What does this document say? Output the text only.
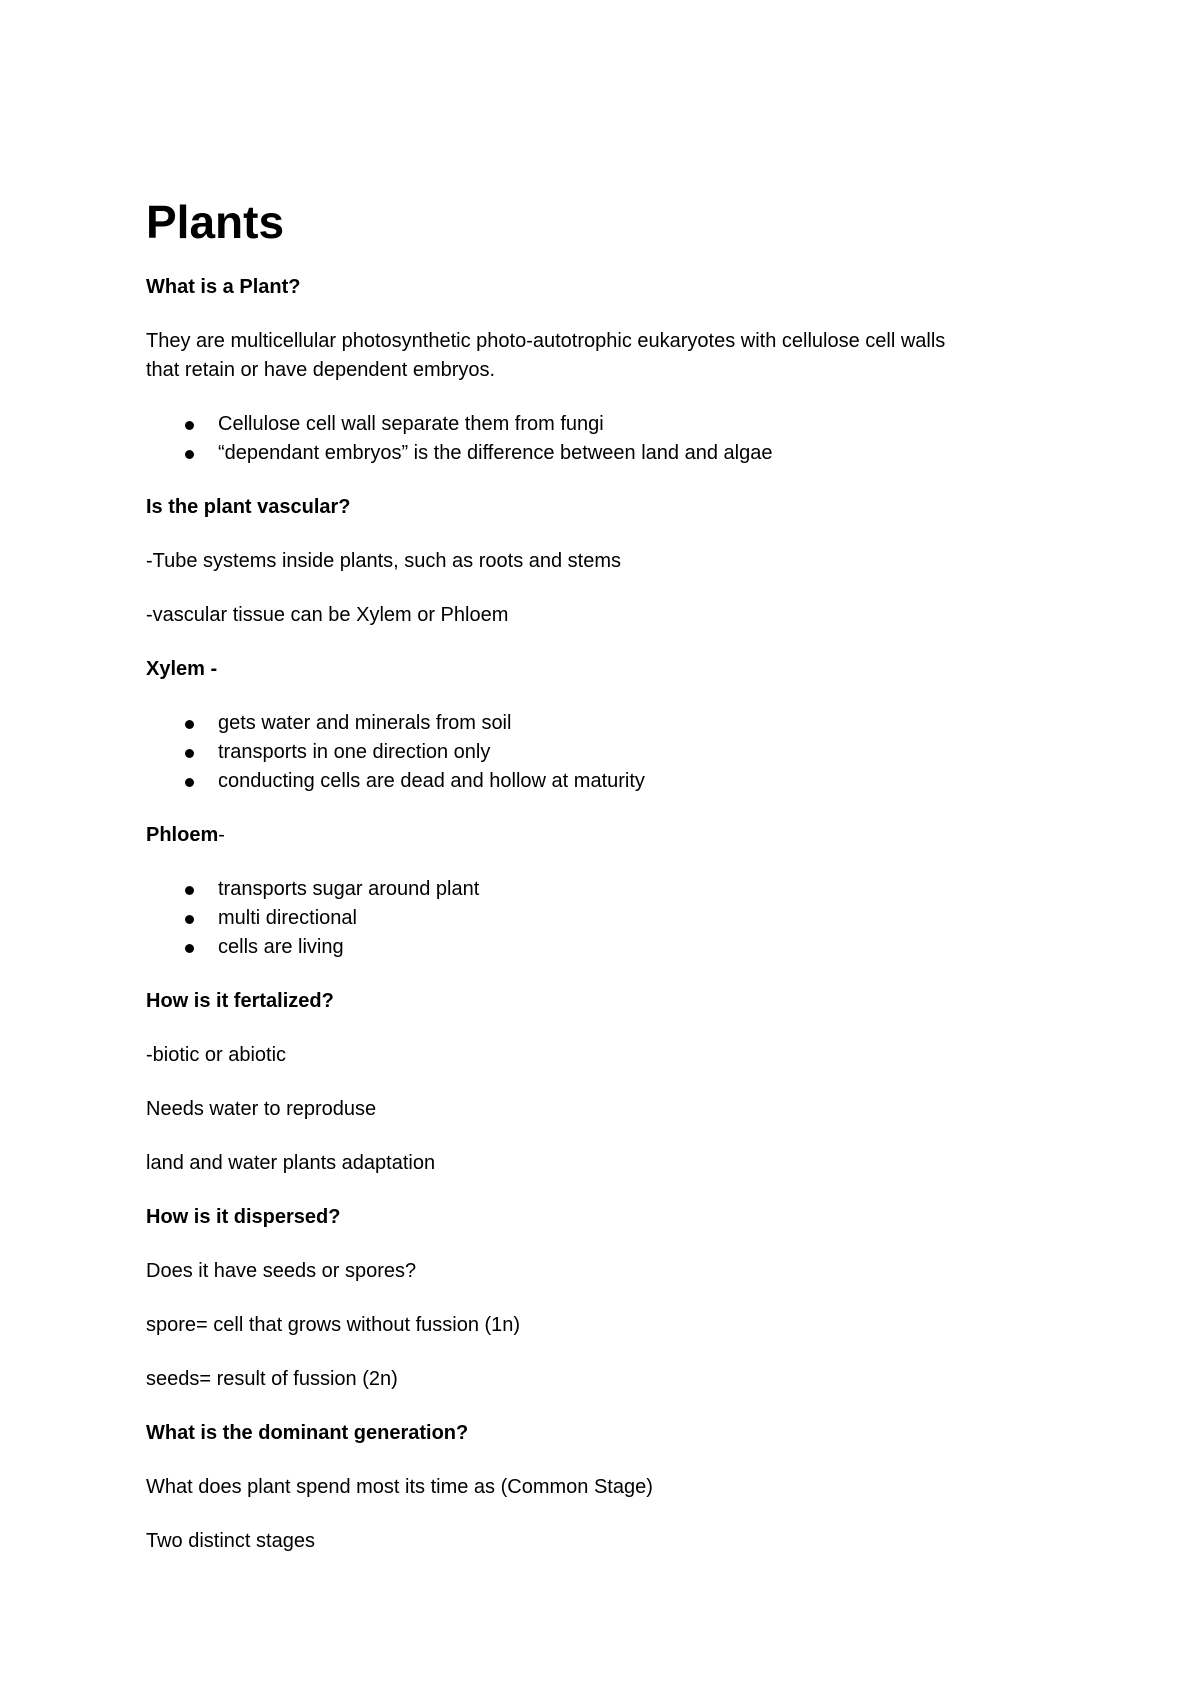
Plants

What is a Plant?

They are multicellular photosynthetic photo-autotrophic eukaryotes with cellulose cell walls

that retain or have dependent embryos.

Cellulose cell wall separate them from fungi
“dependant embryos” is the difference between land and algae

Is the plant vascular?

-Tube systems inside plants, such as roots and stems

-vascular tissue can be Xylem or Phloem

Xylem -

gets water and minerals from soil
transports in one direction only
conducting cells are dead and hollow at maturity

Phloem-

transports sugar around plant
multi directional
cells are living

How is it fertalized?

-biotic or abiotic

Needs water to reproduse

land and water plants adaptation

How is it dispersed?

Does it have seeds or spores?

spore= cell that grows without fussion (1n)

seeds= result of fussion (2n)

What is the dominant generation?

What does plant spend most its time as (Common Stage)

Two distinct stages
